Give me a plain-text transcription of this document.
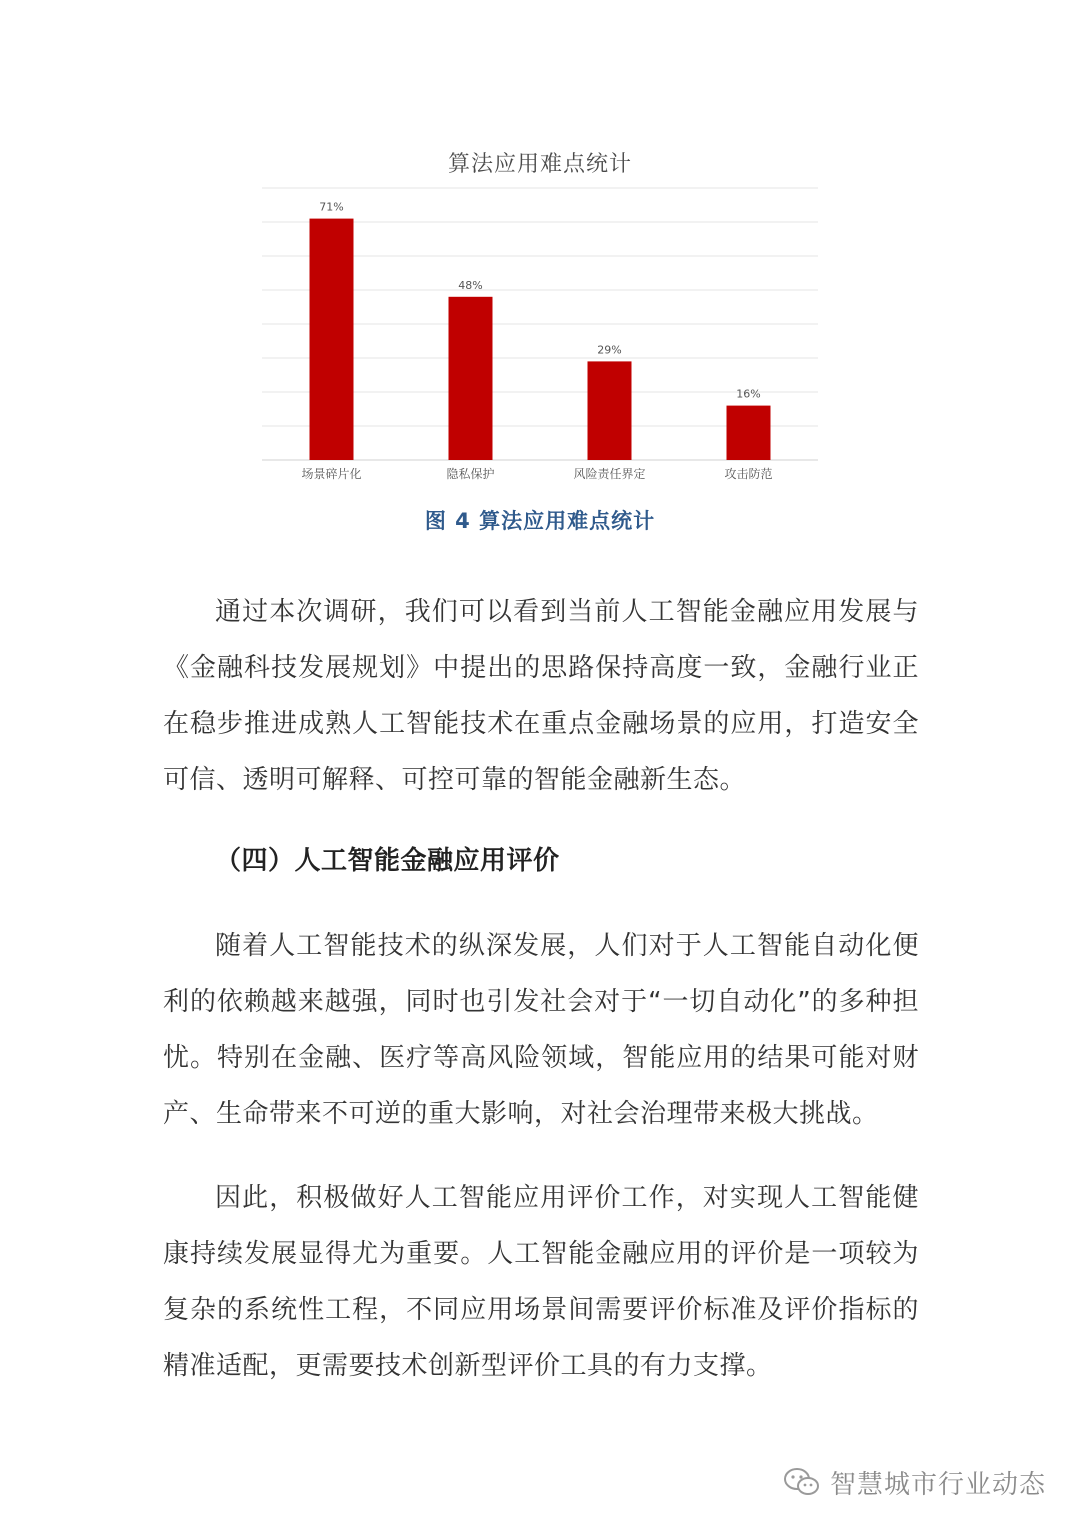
算法应用难点统计
71%
场景碎片化
48%
隐私保护
29%
风险责任界定
16%
攻击防范
图 4 算法应用难点统计

通过本次调研，我们可以看到当前人工智能金融应用发展与《金融科技发展规划》中提出的思路保持高度一致，金融行业正在稳步推进成熟人工智能技术在重点金融场景的应用，打造安全可信、透明可解释、可控可靠的智能金融新生态。

（四）人工智能金融应用评价

随着人工智能技术的纵深发展，人们对于人工智能自动化便利的依赖越来越强，同时也引发社会对于“一切自动化”的多种担忧。特别在金融、医疗等高风险领域，智能应用的结果可能对财产、生命带来不可逆的重大影响，对社会治理带来极大挑战。

因此，积极做好人工智能应用评价工作，对实现人工智能健康持续发展显得尤为重要。人工智能金融应用的评价是一项较为复杂的系统性工程，不同应用场景间需要评价标准及评价指标的精准适配，更需要技术创新型评价工具的有力支撑。

智慧城市行业动态
